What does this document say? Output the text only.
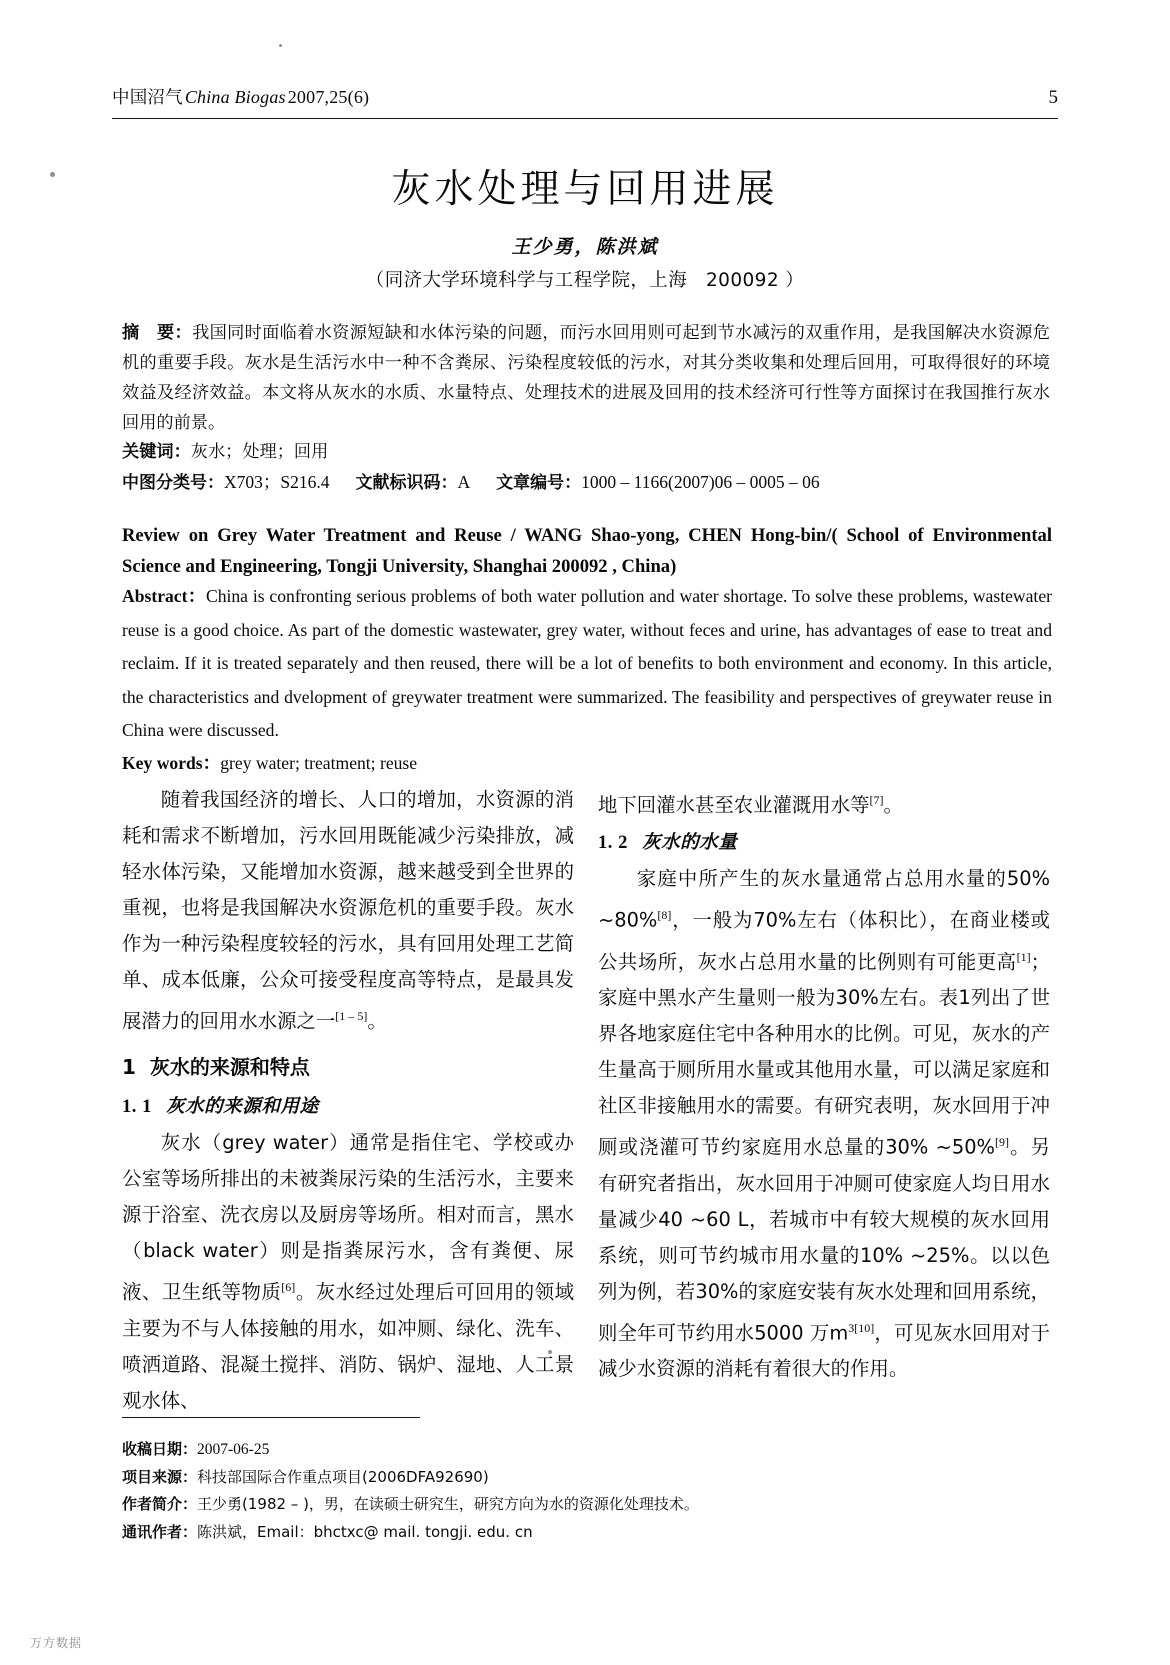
中国沼气 China Biogas 2007,25(6)	5
灰水处理与回用进展
王少勇，陈洪斌
（同济大学环境科学与工程学院，上海　200092 ）
摘　要：我国同时面临着水资源短缺和水体污染的问题，而污水回用则可起到节水减污的双重作用，是我国解决水资源危机的重要手段。灰水是生活污水中一种不含粪尿、污染程度较低的污水，对其分类收集和处理后回用，可取得很好的环境效益及经济效益。本文将从灰水的水质、水量特点、处理技术的进展及回用的技术经济可行性等方面探讨在我国推行灰水回用的前景。
关键词：灰水；处理；回用
中图分类号：X703；S216.4 文献标识码：A 文章编号：1000 – 1166(2007)06 – 0005 – 06
Review on Grey Water Treatment and Reuse / WANG Shao-yong, CHEN Hong-bin/( School of Environmental Science and Engineering, Tongji University, Shanghai 200092 , China)
Abstract：China is confronting serious problems of both water pollution and water shortage. To solve these problems, wastewater reuse is a good choice. As part of the domestic wastewater, grey water, without feces and urine, has advantages of ease to treat and reclaim. If it is treated separately and then reused, there will be a lot of benefits to both environment and economy. In this article, the characteristics and dvelopment of greywater treatment were summarized. The feasibility and perspectives of greywater reuse in China were discussed.
Key words：grey water; treatment; reuse

随着我国经济的增长、人口的增加，水资源的消耗和需求不断增加，污水回用既能减少污染排放，减轻水体污染，又能增加水资源，越来越受到全世界的重视，也将是我国解决水资源危机的重要手段。灰水作为一种污染程度较轻的污水，具有回用处理工艺简单、成本低廉，公众可接受程度高等特点，是最具发展潜力的回用水水源之一[1 – 5]。

1 灰水的来源和特点

1. 1 灰水的来源和用途

灰水（grey water）通常是指住宅、学校或办公室等场所排出的未被粪尿污染的生活污水，主要来源于浴室、洗衣房以及厨房等场所。相对而言，黑水（black water）则是指粪尿污水，含有粪便、尿液、卫生纸等物质[6]。灰水经过处理后可回用的领域主要为不与人体接触的用水，如冲厕、绿化、洗车、喷洒道路、混凝土搅拌、消防、锅炉、湿地、人工景观水体、

地下回灌水甚至农业灌溉用水等[7]。

1. 2 灰水的水量

家庭中所产生的灰水量通常占总用水量的50% ~80%[8]，一般为70%左右（体积比），在商业楼或公共场所，灰水占总用水量的比例则有可能更高[1]；家庭中黑水产生量则一般为30%左右。表1列出了世界各地家庭住宅中各种用水的比例。可见，灰水的产生量高于厕所用水量或其他用水量，可以满足家庭和社区非接触用水的需要。有研究表明，灰水回用于冲厕或浇灌可节约家庭用水总量的30% ~50%[9]。另有研究者指出，灰水回用于冲厕可使家庭人均日用水量减少40 ~60 L，若城市中有较大规模的灰水回用系统，则可节约城市用水量的10% ~25%。以以色列为例，若30%的家庭安装有灰水处理和回用系统，则全年可节约用水5000 万$m^{3[10]}$，可见灰水回用对于减少水资源的消耗有着很大的作用。

收稿日期：2007-06-25
项目来源：科技部国际合作重点项目(2006DFA92690)
作者简介：王少勇(1982 – )，男，在读硕士研究生，研究方向为水的资源化处理技术。
通讯作者：陈洪斌，Email：bhctxc@ mail. tongji. edu. cn
万方数据
